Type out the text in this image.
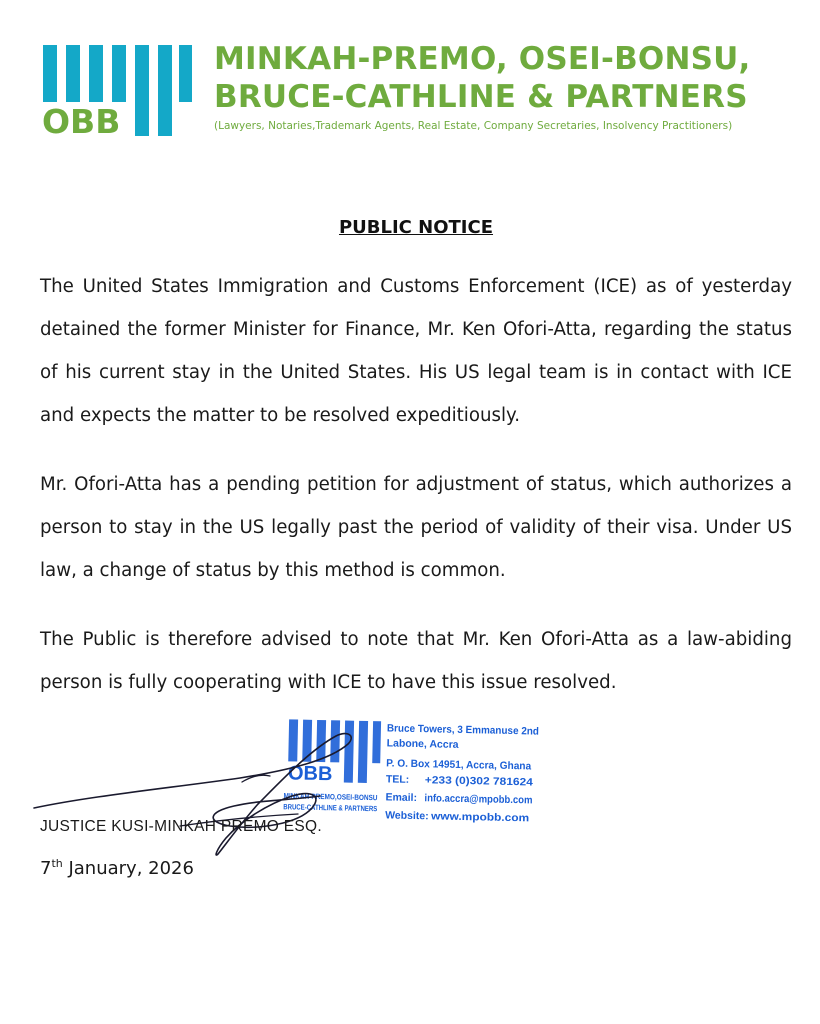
OBB
MINKAH-PREMO, OSEI-BONSU,
BRUCE-CATHLINE & PARTNERS
(Lawyers, Notaries,Trademark Agents, Real Estate, Company Secretaries, Insolvency Practitioners)
PUBLIC NOTICE

The United States Immigration and Customs Enforcement (ICE) as of yesterday detained the former Minister for Finance, Mr. Ken Ofori-Atta, regarding the status of his current stay in the United States. His US legal team is in contact with ICE and expects the matter to be resolved expeditiously.

Mr. Ofori-Atta has a pending petition for adjustment of status, which authorizes a person to stay in the US legally past the period of validity of their visa. Under US law, a change of status by this method is common.

The Public is therefore advised to note that Mr. Ken Ofori-Atta as a law-abiding person is fully cooperating with ICE to have this issue resolved.

OBB
MINKAH-PREMO,OSEI-BONSU
BRUCE-CATHLINE & PARTNERS
Bruce Towers, 3 Emmanuse 2nd
Labone, Accra
P. O. Box 14951, Accra, Ghana
TEL: +233 (0)302 781624
Email: info.accra@mpobb.com
Website: www.mpobb.com
JUSTICE KUSI-MINKAH PREMO ESQ.
7th January, 2026
